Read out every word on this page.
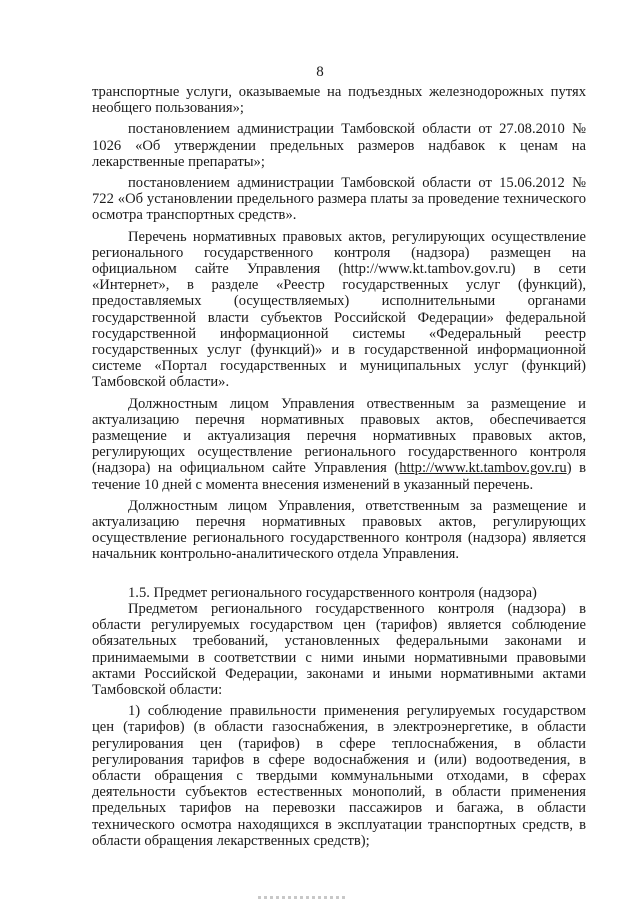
8

транспортные услуги, оказываемые на подъездных железнодорожных путях необщего пользования»;

постановлением администрации Тамбовской области от 27.08.2010 № 1026 «Об утверждении предельных размеров надбавок к ценам на лекарственные препараты»;

постановлением администрации Тамбовской области от 15.06.2012 № 722 «Об установлении предельного размера платы за проведение технического осмотра транспортных средств».

Перечень нормативных правовых актов, регулирующих осуществление регионального государственного контроля (надзора) размещен на официальном сайте Управления (http://www.kt.tambov.gov.ru) в сети «Интернет», в разделе «Реестр государственных услуг (функций), предоставляемых (осуществляемых) исполнительными органами государственной власти субъектов Российской Федерации» федеральной государственной информационной системы «Федеральный реестр государственных услуг (функций)» и в государственной информационной системе «Портал государственных и муниципальных услуг (функций) Тамбовской области».

Должностным лицом Управления отвественным за размещение и актуализацию перечня нормативных правовых актов, обеспечивается размещение и актуализация перечня нормативных правовых актов, регулирующих осуществление регионального государственного контроля (надзора) на официальном сайте Управления (http://www.kt.tambov.gov.ru) в течение 10 дней с момента внесения изменений в указанный перечень.

Должностным лицом Управления, ответственным за размещение и актуализацию перечня нормативных правовых актов, регулирующих осуществление регионального государственного контроля (надзора) является начальник контрольно-аналитического отдела Управления.

1.5. Предмет регионального государственного контроля (надзора)

Предметом регионального государственного контроля (надзора) в области регулируемых государством цен (тарифов) является соблюдение обязательных требований, установленных федеральными законами и принимаемыми в соответствии с ними иными нормативными правовыми актами Российской Федерации, законами и иными нормативными актами Тамбовской области:

1) соблюдение правильности применения регулируемых государством цен (тарифов) (в области газоснабжения, в электроэнергетике, в области регулирования цен (тарифов) в сфере теплоснабжения, в области регулирования тарифов в сфере водоснабжения и (или) водоотведения, в области обращения с твердыми коммунальными отходами, в сферах деятельности субъектов естественных монополий, в области применения предельных тарифов на перевозки пассажиров и багажа, в области технического осмотра находящихся в эксплуатации транспортных средств, в области обращения лекарственных средств);
